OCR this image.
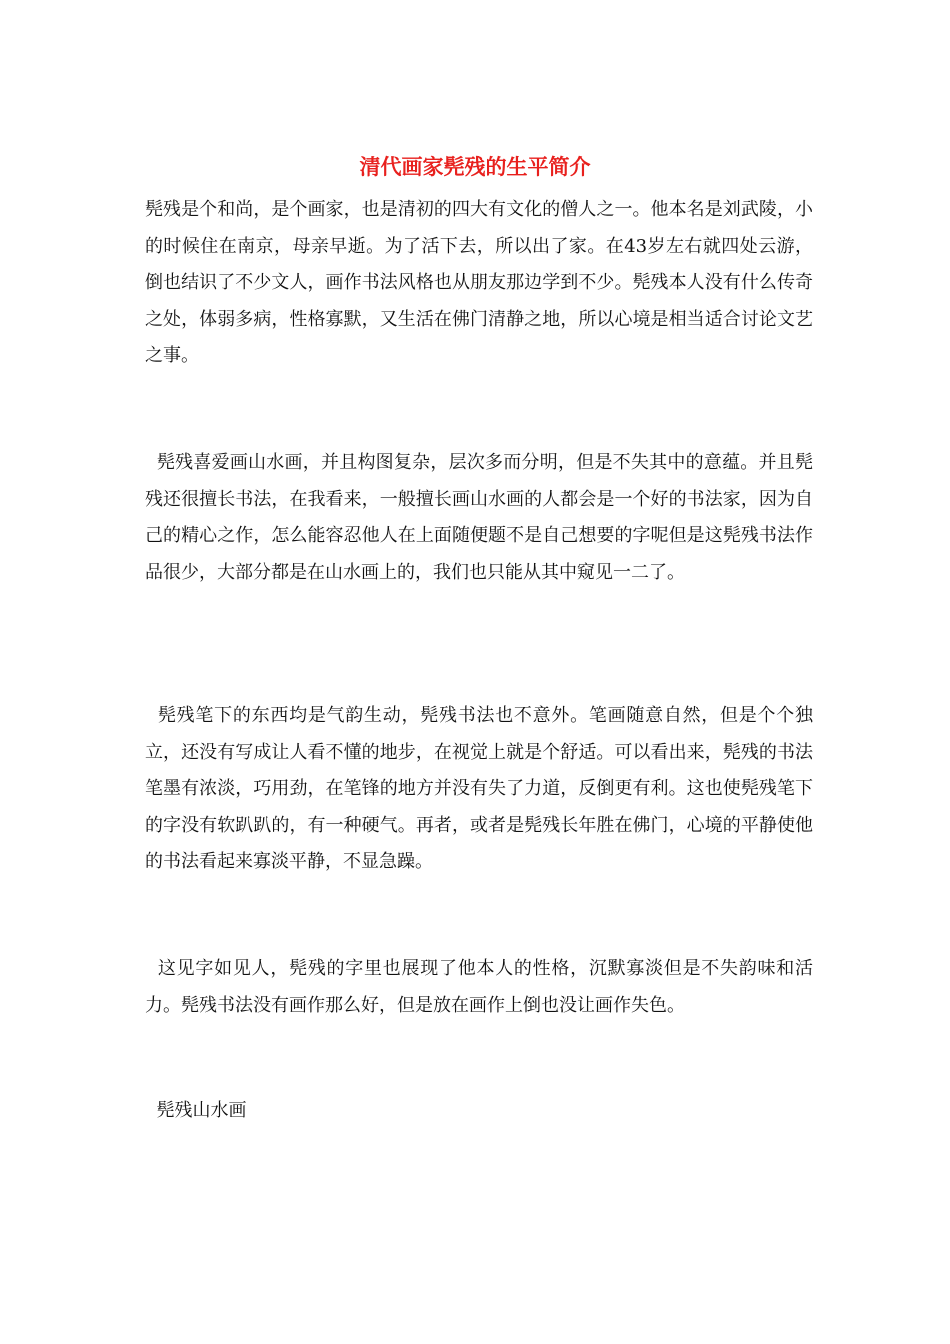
清代画家髡残的生平简介

髡残是个和尚，是个画家，也是清初的四大有文化的僧人之一。他本名是刘武陵，小的时候住在南京，母亲早逝。为了活下去，所以出了家。在43岁左右就四处云游，倒也结识了不少文人，画作书法风格也从朋友那边学到不少。髡残本人没有什么传奇之处，体弱多病，性格寡默，又生活在佛门清静之地，所以心境是相当适合讨论文艺之事。

髡残喜爱画山水画，并且构图复杂，层次多而分明，但是不失其中的意蕴。并且髡残还很擅长书法，在我看来，一般擅长画山水画的人都会是一个好的书法家，因为自己的精心之作，怎么能容忍他人在上面随便题不是自己想要的字呢但是这髡残书法作品很少，大部分都是在山水画上的，我们也只能从其中窥见一二了。

髡残笔下的东西均是气韵生动，髡残书法也不意外。笔画随意自然，但是个个独立，还没有写成让人看不懂的地步，在视觉上就是个舒适。可以看出来，髡残的书法笔墨有浓淡，巧用劲，在笔锋的地方并没有失了力道，反倒更有利。这也使髡残笔下的字没有软趴趴的，有一种硬气。再者，或者是髡残长年胜在佛门，心境的平静使他的书法看起来寡淡平静，不显急躁。

这见字如见人，髡残的字里也展现了他本人的性格，沉默寡淡但是不失韵味和活力。髡残书法没有画作那么好，但是放在画作上倒也没让画作失色。

髡残山水画
